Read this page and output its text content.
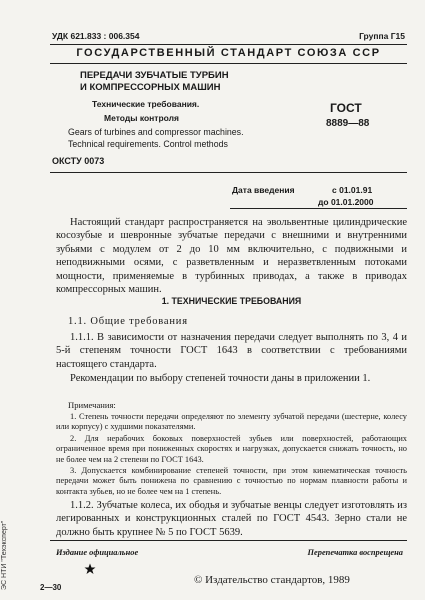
УДК 621.833 : 006.354	Группа Г15
ГОСУДАРСТВЕННЫЙ СТАНДАРТ СОЮЗА ССР
ПЕРЕДАЧИ ЗУБЧАТЫЕ ТУРБИН
И КОМПРЕССОРНЫХ МАШИН
Технические требования.
Методы контроля
Gears of turbines and compressor machines.
Technical requirements. Control methods
ГОСТ
8889—88
ОКСТУ 0073
Дата введения	с 01.01.91
до 01.01.2000
Настоящий стандарт распространяется на эвольвентные цилиндрические косозубые и шевронные зубчатые передачи с внешними и внутренними зубьями с модулем от 2 до 10 мм включительно, с подвижными и неподвижными осями, с разветвленным и неразветвленным потоками мощности, применяемые в турбинных приводах, а также в приводах компрессорных машин.
1. ТЕХНИЧЕСКИЕ ТРЕБОВАНИЯ
1.1. Общие требования
1.1.1. В зависимости от назначения передачи следует выполнять по 3, 4 и 5-й степеням точности ГОСТ 1643 в соответствии с требованиями настоящего стандарта.
Рекомендации по выбору степеней точности даны в приложении 1.
Примечания:
1. Степень точности передачи определяют по элементу зубчатой передачи (шестерне, колесу или корпусу) с худшими показателями.
2. Для нерабочих боковых поверхностей зубьев или поверхностей, работающих ограниченное время при пониженных скоростях и нагрузках, допускается снижать точность, но не более чем на 2 степени по ГОСТ 1643.
3. Допускается комбинирование степеней точности, при этом кинематическая точность передачи может быть понижена по сравнению с точностью по нормам плавности работы и контакта зубьев, но не более чем на 1 степень.
1.1.2. Зубчатые колеса, их ободья и зубчатые венцы следует изготовлять из легированных и конструкционных сталей по ГОСТ 4543. Зерно стали не должно быть крупнее № 5 по ГОСТ 5639.
Издание официальное	Перепечатка воспрещена
© Издательство стандартов, 1989
2—30
ЭС НТИ "Техэксперт"
